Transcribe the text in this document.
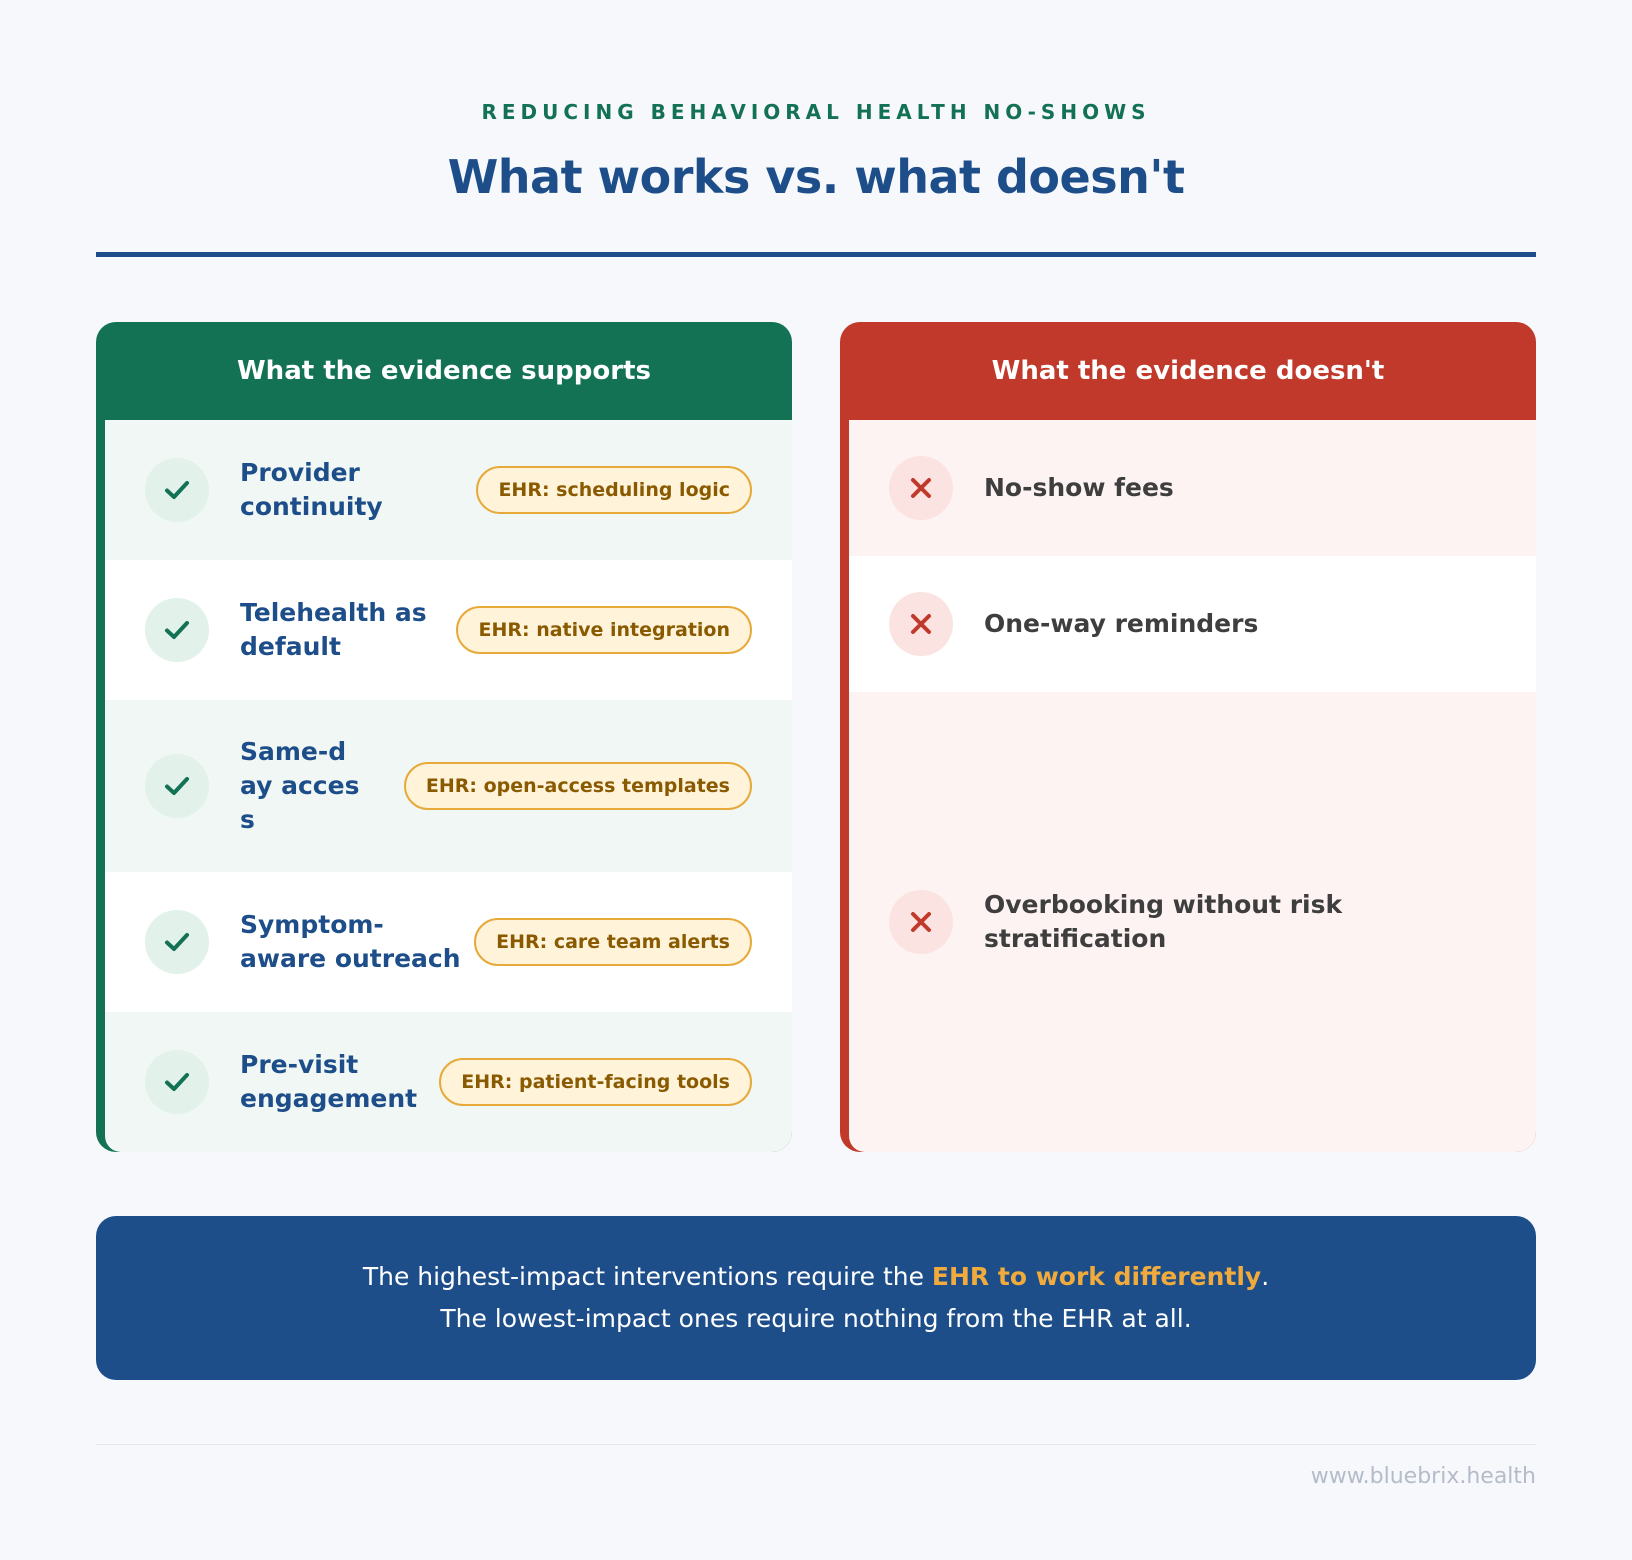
REDUCING BEHAVIORAL HEALTH NO-SHOWS
What works vs. what doesn't
What the evidence supports
Provider continuity
EHR: scheduling logic
Telehealth as default
EHR: native integration
Same-day access
EHR: open-access templates
Symptom-aware outreach
EHR: care team alerts
Pre-visit engagement
EHR: patient-facing tools
What the evidence doesn't
No-show fees
One-way reminders
Overbooking without risk stratification
The highest-impact interventions require the EHR to work differently.
The lowest-impact ones require nothing from the EHR at all.
www.bluebrix.health
